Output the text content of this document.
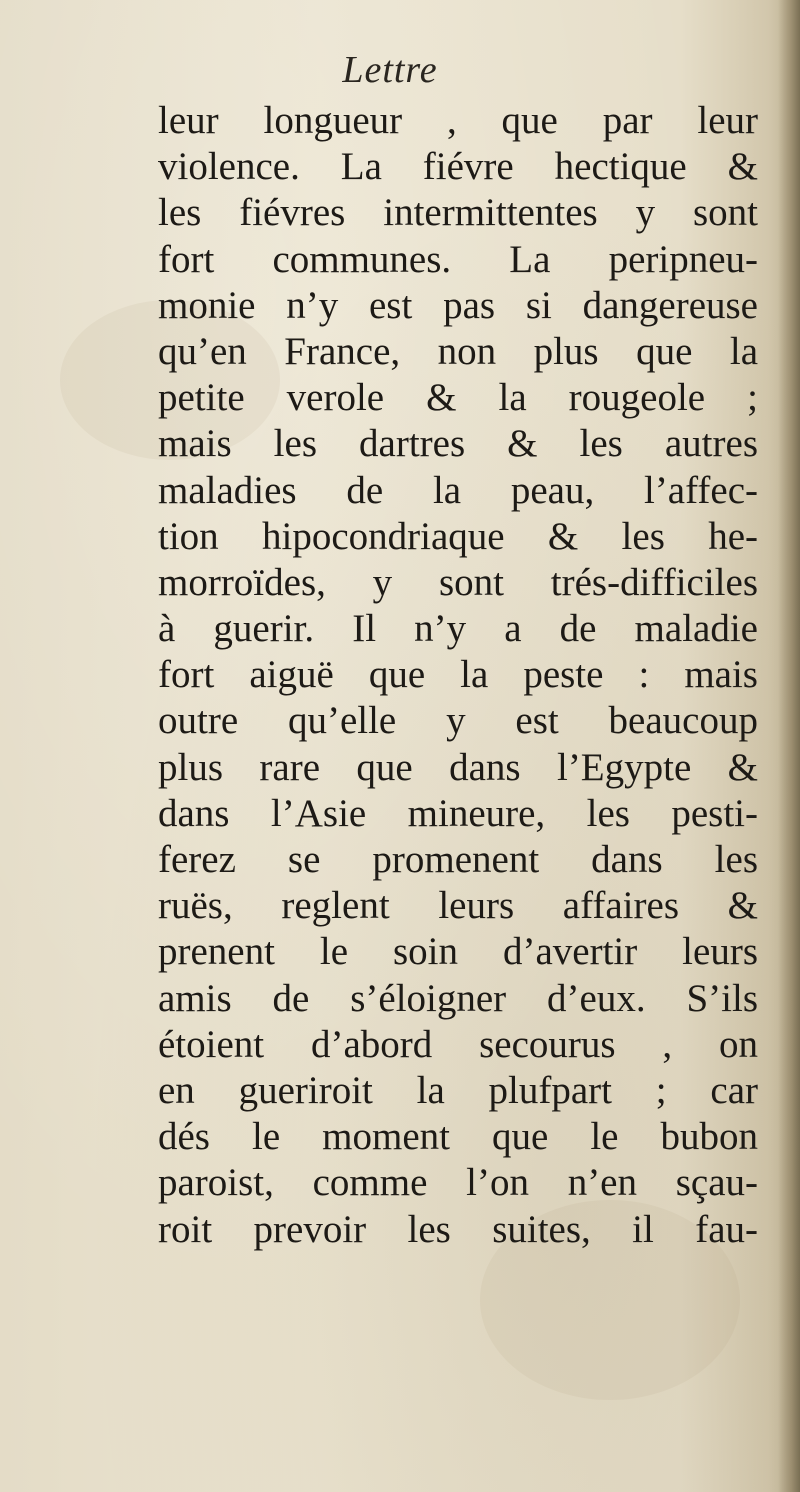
Lettre
leur longueur , que par leur
violence. La fiévre hectique &
les fiévres intermittentes y sont
fort communes. La peripneu-
monie n’y est pas si dangereuse
qu’en France, non plus que la
petite verole & la rougeole ;
mais les dartres & les autres
maladies de la peau, l’affec-
tion hipocondriaque & les he-
morroïdes, y sont trés-difficiles
à guerir. Il n’y a de maladie
fort aiguë que la peste : mais
outre qu’elle y est beaucoup
plus rare que dans l’Egypte &
dans l’Asie mineure, les pesti-
ferez se promenent dans les
ruës, reglent leurs affaires &
prenent le soin d’avertir leurs
amis de s’éloigner d’eux. S’ils
étoient d’abord secourus , on
en gueriroit la plufpart ; car
dés le moment que le bubon
paroist, comme l’on n’en sçau-
roit prevoir les suites, il fau-
